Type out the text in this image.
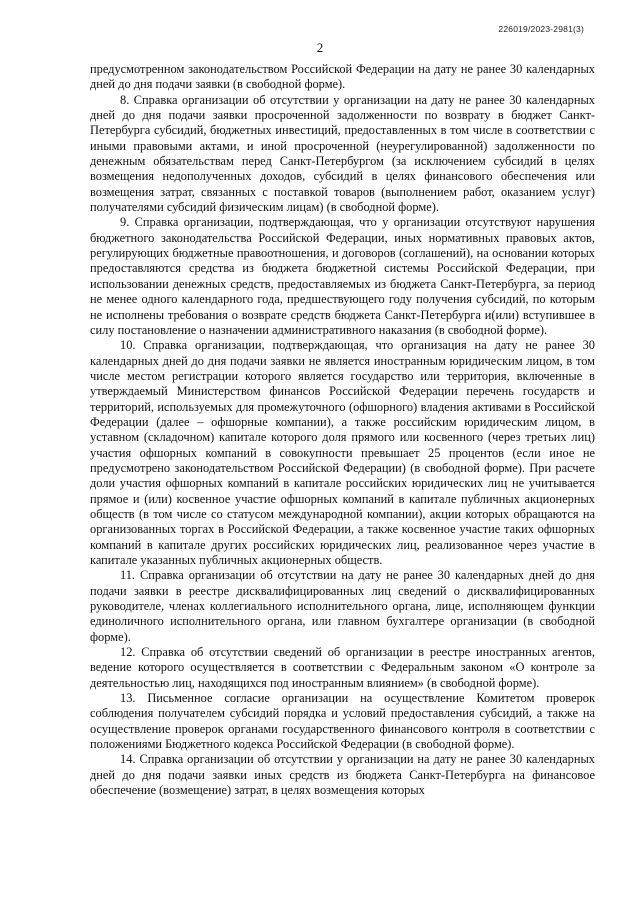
226019/2023-2981(3)
2

предусмотренном законодательством Российской Федерации на дату не ранее 30 календарных дней до дня подачи заявки (в свободной форме).

8. Справка организации об отсутствии у организации на дату не ранее 30 календарных дней до дня подачи заявки просроченной задолженности по возврату в бюджет Санкт-Петербурга субсидий, бюджетных инвестиций, предоставленных в том числе в соответствии с иными правовыми актами, и иной просроченной (неурегулированной) задолженности по денежным обязательствам перед Санкт-Петербургом (за исключением субсидий в целях возмещения недополученных доходов, субсидий в целях финансового обеспечения или возмещения затрат, связанных с поставкой товаров (выполнением работ, оказанием услуг) получателями субсидий физическим лицам) (в свободной форме).

9. Справка организации, подтверждающая, что у организации отсутствуют нарушения бюджетного законодательства Российской Федерации, иных нормативных правовых актов, регулирующих бюджетные правоотношения, и договоров (соглашений), на основании которых предоставляются средства из бюджета бюджетной системы Российской Федерации, при использовании денежных средств, предоставляемых из бюджета Санкт-Петербурга, за период не менее одного календарного года, предшествующего году получения субсидий, по которым не исполнены требования о возврате средств бюджета Санкт-Петербурга и(или) вступившее в силу постановление о назначении административного наказания (в свободной форме).

10. Справка организации, подтверждающая, что организация на дату не ранее 30 календарных дней до дня подачи заявки не является иностранным юридическим лицом, в том числе местом регистрации которого является государство или территория, включенные в утверждаемый Министерством финансов Российской Федерации перечень государств и территорий, используемых для промежуточного (офшорного) владения активами в Российской Федерации (далее – офшорные компании), а также российским юридическим лицом, в уставном (складочном) капитале которого доля прямого или косвенного (через третьих лиц) участия офшорных компаний в совокупности превышает 25 процентов (если иное не предусмотрено законодательством Российской Федерации) (в свободной форме). При расчете доли участия офшорных компаний в капитале российских юридических лиц не учитывается прямое и (или) косвенное участие офшорных компаний в капитале публичных акционерных обществ (в том числе со статусом международной компании), акции которых обращаются на организованных торгах в Российской Федерации, а также косвенное участие таких офшорных компаний в капитале других российских юридических лиц, реализованное через участие в капитале указанных публичных акционерных обществ.

11. Справка организации об отсутствии на дату не ранее 30 календарных дней до дня подачи заявки в реестре дисквалифицированных лиц сведений о дисквалифицированных руководителе, членах коллегиального исполнительного органа, лице, исполняющем функции единоличного исполнительного органа, или главном бухгалтере организации (в свободной форме).

12. Справка об отсутствии сведений об организации в реестре иностранных агентов, ведение которого осуществляется в соответствии с Федеральным законом «О контроле за деятельностью лиц, находящихся под иностранным влиянием» (в свободной форме).

13. Письменное согласие организации на осуществление Комитетом проверок соблюдения получателем субсидий порядка и условий предоставления субсидий, а также на осуществление проверок органами государственного финансового контроля в соответствии с положениями Бюджетного кодекса Российской Федерации (в свободной форме).

14. Справка организации об отсутствии у организации на дату не ранее 30 календарных дней до дня подачи заявки иных средств из бюджета Санкт-Петербурга на финансовое обеспечение (возмещение) затрат, в целях возмещения которых
